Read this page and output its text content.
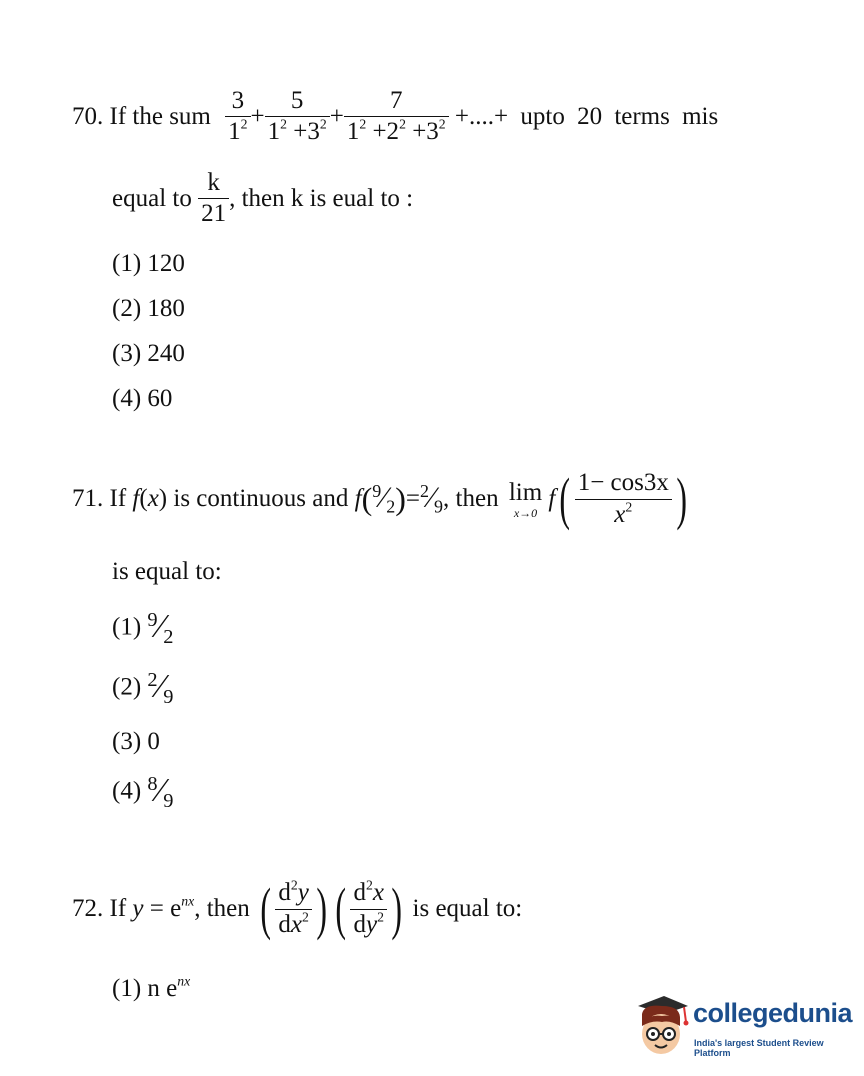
70. If the sum $\frac{3}{1^2} + \frac{5}{1^2 +3^2} + \frac{7}{1^2 +2^2 +3^2}$ +....+ upto 20 terms mis
equal to $\frac{k}{21}$ , then k is eual to :
(1) 120
(2) 180
(3) 240
(4) 60
71. If f(x) is continuous and f($^9$⁄2)=$^2$⁄9, then lim
x→0
$f( \frac{1- \cos 3x}{x^2}$ )
is equal to:
(1) $^9$⁄2
(2) $^2$⁄9
(3) 0
(4) $^8$⁄9
72. If $y = e^{nx}$, then ( $\frac{d^2y}{dx^2}$ ) ( $\frac{d^2x}{dy^2}$ ) is equal to:
(1) n $e^{nx}$
collegedunia
India's largest Student Review Platform
